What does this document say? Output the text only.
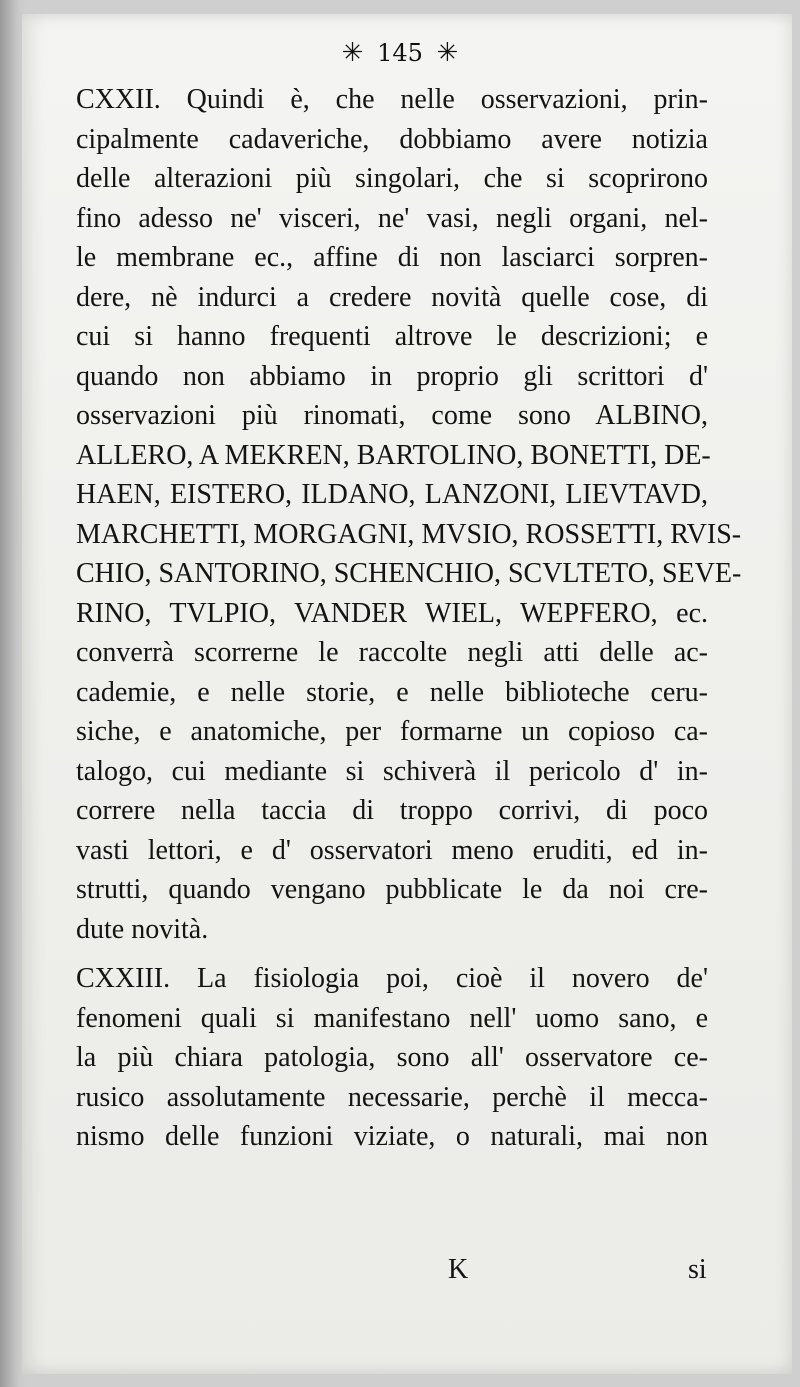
✳ 145 ✳
CXXII. Quindi è, che nelle osservazioni, prin-
cipalmente cadaveriche, dobbiamo avere notizia
delle alterazioni più singolari, che si scoprirono
fino adesso ne' visceri, ne' vasi, negli organi, nel-
le membrane ec., affine di non lasciarci sorpren-
dere, nè indurci a credere novità quelle cose, di
cui si hanno frequenti altrove le descrizioni; e
quando non abbiamo in proprio gli scrittori d'
osservazioni più rinomati, come sono ALBINO,
ALLERO, A MEKREN, BARTOLINO, BONETTI, DE-
HAEN, EISTERO, ILDANO, LANZONI, LIEVTAVD,
MARCHETTI, MORGAGNI, MVSIO, ROSSETTI, RVIS-
CHIO, SANTORINO, SCHENCHIO, SCVLTETO, SEVE-
RINO, TVLPIO, VANDER WIEL, WEPFERO, ec.
converrà scorrerne le raccolte negli atti delle ac-
cademie, e nelle storie, e nelle biblioteche ceru-
siche, e anatomiche, per formarne un copioso ca-
talogo, cui mediante si schiverà il pericolo d' in-
correre nella taccia di troppo corrivi, di poco
vasti lettori, e d' osservatori meno eruditi, ed in-
strutti, quando vengano pubblicate le da noi cre-
dute novità.
CXXIII. La fisiologia poi, cioè il novero de'
fenomeni quali si manifestano nell' uomo sano, e
la più chiara patologia, sono all' osservatore ce-
rusico assolutamente necessarie, perchè il mecca-
nismo delle funzioni viziate, o naturali, mai non
K	si
